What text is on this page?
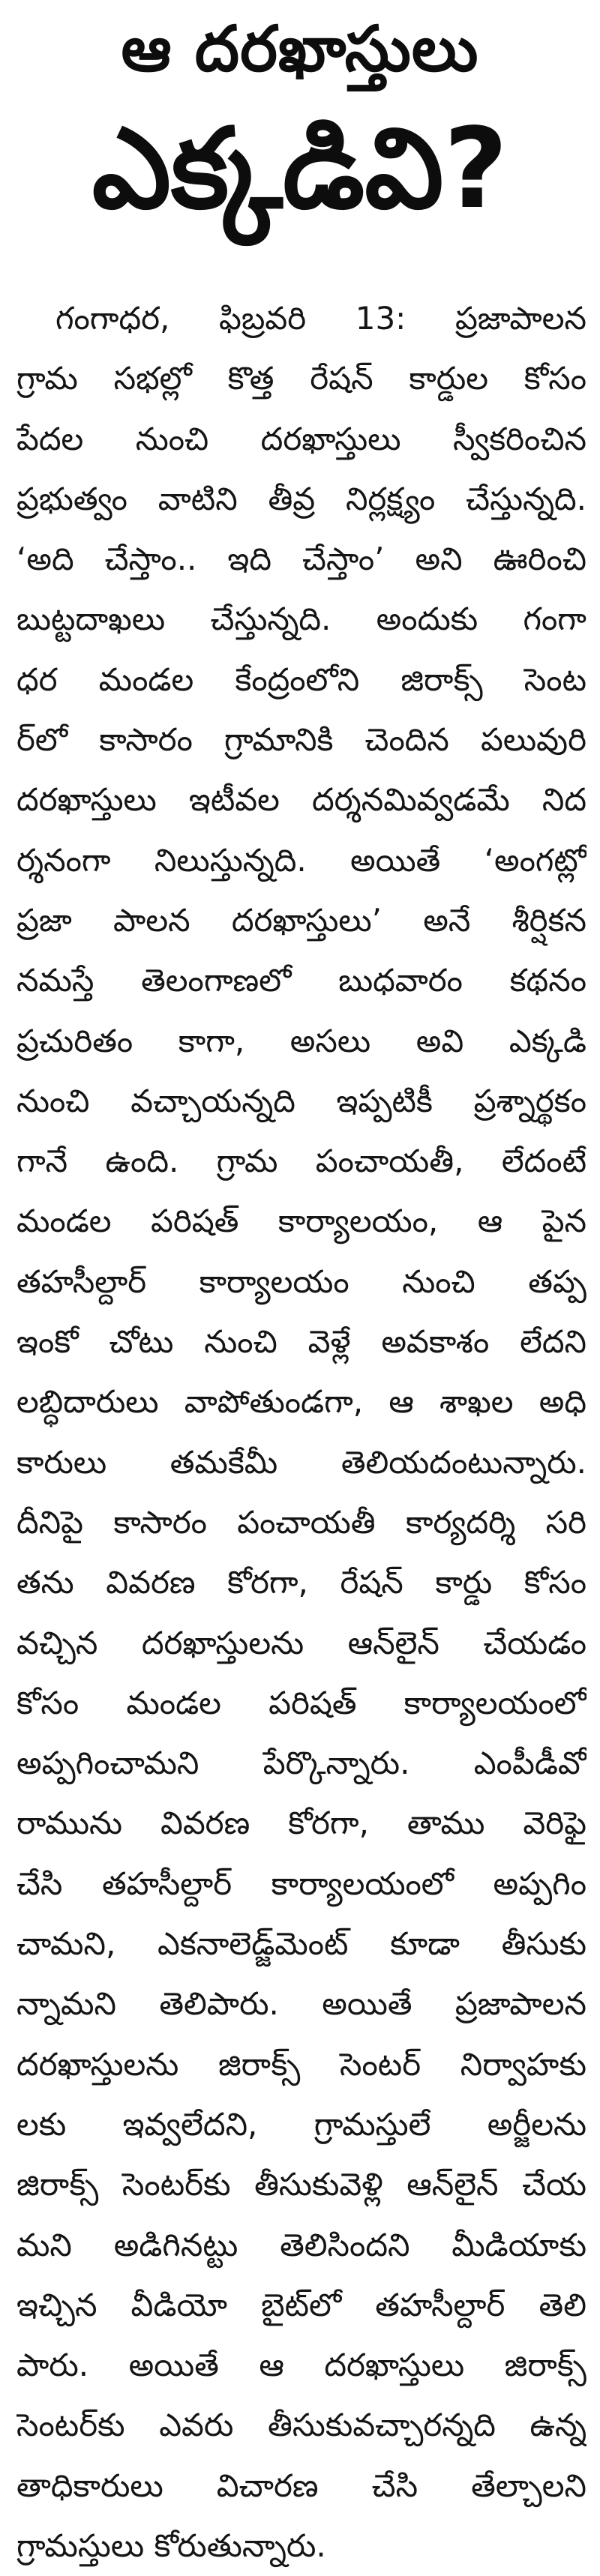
ఆ దరఖాస్తులు
ఎక్కడివి?
గంగాధర, ఫిబ్రవరి 13: ప్రజాపాలన
గ్రామ సభల్లో కొత్త రేషన్ కార్డుల కోసం
పేదల నుంచి దరఖాస్తులు స్వీకరించిన
ప్రభుత్వం వాటిని తీవ్ర నిర్లక్ష్యం చేస్తున్నది.
‘అది చేస్తాం.. ఇది చేస్తాం’ అని ఊరించి
బుట్టదాఖలు చేస్తున్నది. అందుకు గంగా
ధర మండల కేంద్రంలోని జిరాక్స్ సెంట
ర్‌లో కాసారం గ్రామానికి చెందిన పలువురి
దరఖాస్తులు ఇటీవల దర్శనమివ్వడమే నిద
ర్శనంగా నిలుస్తున్నది. అయితే ‘అంగట్లో
ప్రజా పాలన దరఖాస్తులు’ అనే శీర్షికన
నమస్తే తెలంగాణలో బుధవారం కథనం
ప్రచురితం కాగా, అసలు అవి ఎక్కడి
నుంచి వచ్చాయన్నది ఇప్పటికీ ప్రశ్నార్థకం
గానే ఉంది. గ్రామ పంచాయతీ, లేదంటే
మండల పరిషత్ కార్యాలయం, ఆ పైన
తహసీల్దార్ కార్యాలయం నుంచి తప్ప
ఇంకో చోటు నుంచి వెళ్లే అవకాశం లేదని
లబ్ధిదారులు వాపోతుండగా, ఆ శాఖల అధి
కారులు తమకేమీ తెలియదంటున్నారు.
దీనిపై కాసారం పంచాయతీ కార్యదర్శి సరి
తను వివరణ కోరగా, రేషన్ కార్డు కోసం
వచ్చిన దరఖాస్తులను ఆన్‌లైన్ చేయడం
కోసం మండల పరిషత్ కార్యాలయంలో
అప్పగించామని పేర్కొన్నారు. ఎంపీడీవో
రామును వివరణ కోరగా, తాము వెరిఫై
చేసి తహసీల్దార్ కార్యాలయంలో అప్పగిం
చామని, ఎకనాలెడ్జ్‌మెంట్ కూడా తీసుకు
న్నామని తెలిపారు. అయితే ప్రజాపాలన
దరఖాస్తులను జిరాక్స్ సెంటర్ నిర్వాహకు
లకు ఇవ్వలేదని, గ్రామస్తులే అర్జీలను
జిరాక్స్ సెంటర్‌కు తీసుకువెళ్లి ఆన్‌లైన్ చేయ
మని అడిగినట్టు తెలిసిందని మీడియాకు
ఇచ్చిన వీడియో బైట్‌లో తహసీల్దార్ తెలి
పారు. అయితే ఆ దరఖాస్తులు జిరాక్స్
సెంటర్‌కు ఎవరు తీసుకువచ్చారన్నది ఉన్న
తాధికారులు విచారణ చేసి తేల్చాలని
గ్రామస్తులు కోరుతున్నారు.
